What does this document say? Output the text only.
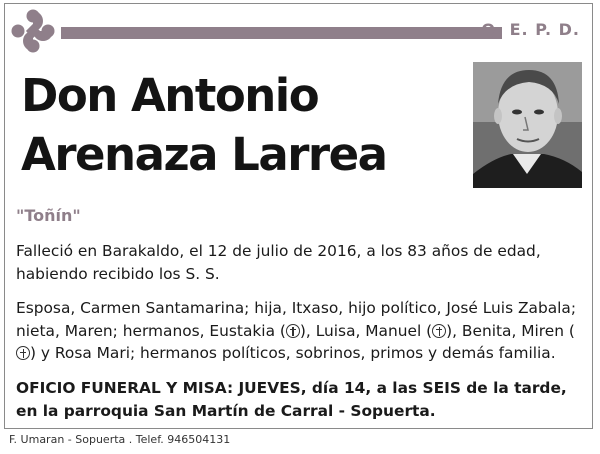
Q. E. P. D.
Don Antonio
Arenaza Larrea
"Toñín"

Falleció en Barakaldo, el 12 de julio de 2016, a los 83 años de edad, habiendo recibido los S. S.

Esposa, Carmen Santamarina; hija, Itxaso, hijo político, José Luis Zabala; nieta, Maren; hermanos, Eustakia ( ), Luisa, Manuel ( ), Benita, Miren () y Rosa Mari; hermanos políticos, sobrinos, primos y demás familia.

OFICIO FUNERAL Y MISA: JUEVES, día 14, a las SEIS de la tarde, en la parroquia San Martín de Carral - Sopuerta.

F. Umaran - Sopuerta . Telef. 946504131
